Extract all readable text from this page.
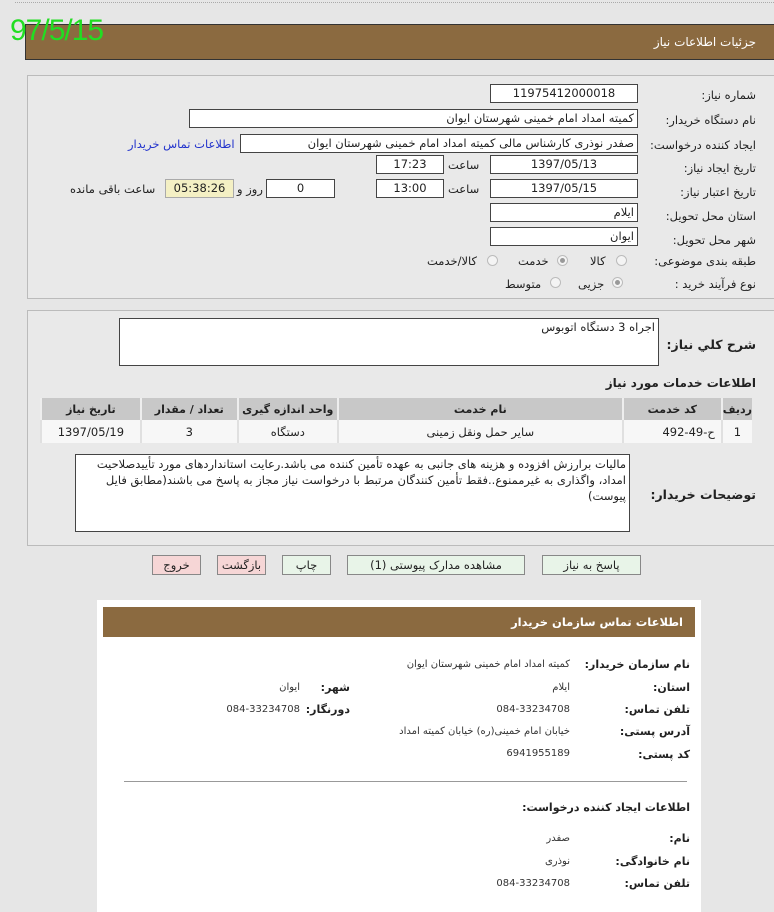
97/5/15	جزئیات اطلاعات نیاز
شماره نیاز:
11975412000018
نام دستگاه خریدار:
کمیته امداد امام خمینی شهرستان ایوان
ایجاد کننده درخواست:
صفدر نوذری کارشناس مالی کمیته امداد امام خمینی شهرستان ایوان
اطلاعات تماس خریدار
تاریخ ایجاد نیاز:
1397/05/13
ساعت
17:23
تاریخ اعتبار نیاز:
1397/05/15
ساعت
13:00
0
روز و
05:38:26
ساعت باقی مانده
استان محل تحویل:
ایلام
شهر محل تحویل:
ایوان
طبقه بندی موضوعی:
کالا
خدمت
کالا/خدمت
نوع فرآیند خرید :
جزیی
متوسط
شرح کلي نياز:
اجراه 3 دستگاه اتوبوس
اطلاعات خدمات مورد نیاز
ردیف	کد خدمت	نام خدمت	واحد اندازه گیری	تعداد / مقدار	تاریخ نیاز
1	ح-49-492	سایر حمل ونقل زمینی	دستگاه	3	1397/05/19
توضیحات خریدار:
مالیات برارزش افزوده و هزینه های جانبی به عهده تأمین کننده می باشد.رعایت استانداردهای مورد تأییدصلاحیت امداد، واگذاری به غیرممنوع..فقط تأمین کنندگان مرتبط با درخواست نیاز مجاز به پاسخ می باشند(مطابق فایل پیوست)
پاسخ به نیاز
مشاهده مدارک پیوستی (1)
چاپ
بازگشت
خروج
اطلاعات تماس سازمان خریدار
نام سازمان خریدار:
کمیته امداد امام خمینی شهرستان ایوان
استان:
ایلام
شهر:
ایوان
تلفن تماس:
084-33234708
دورنگار:
084-33234708
آدرس پستی:
خیابان امام خمینی(ره) خیابان کمیته امداد
کد پستی:
6941955189
اطلاعات ایجاد کننده درخواست:
نام:
صفدر
نام خانوادگی:
نوذری
تلفن تماس:
084-33234708
